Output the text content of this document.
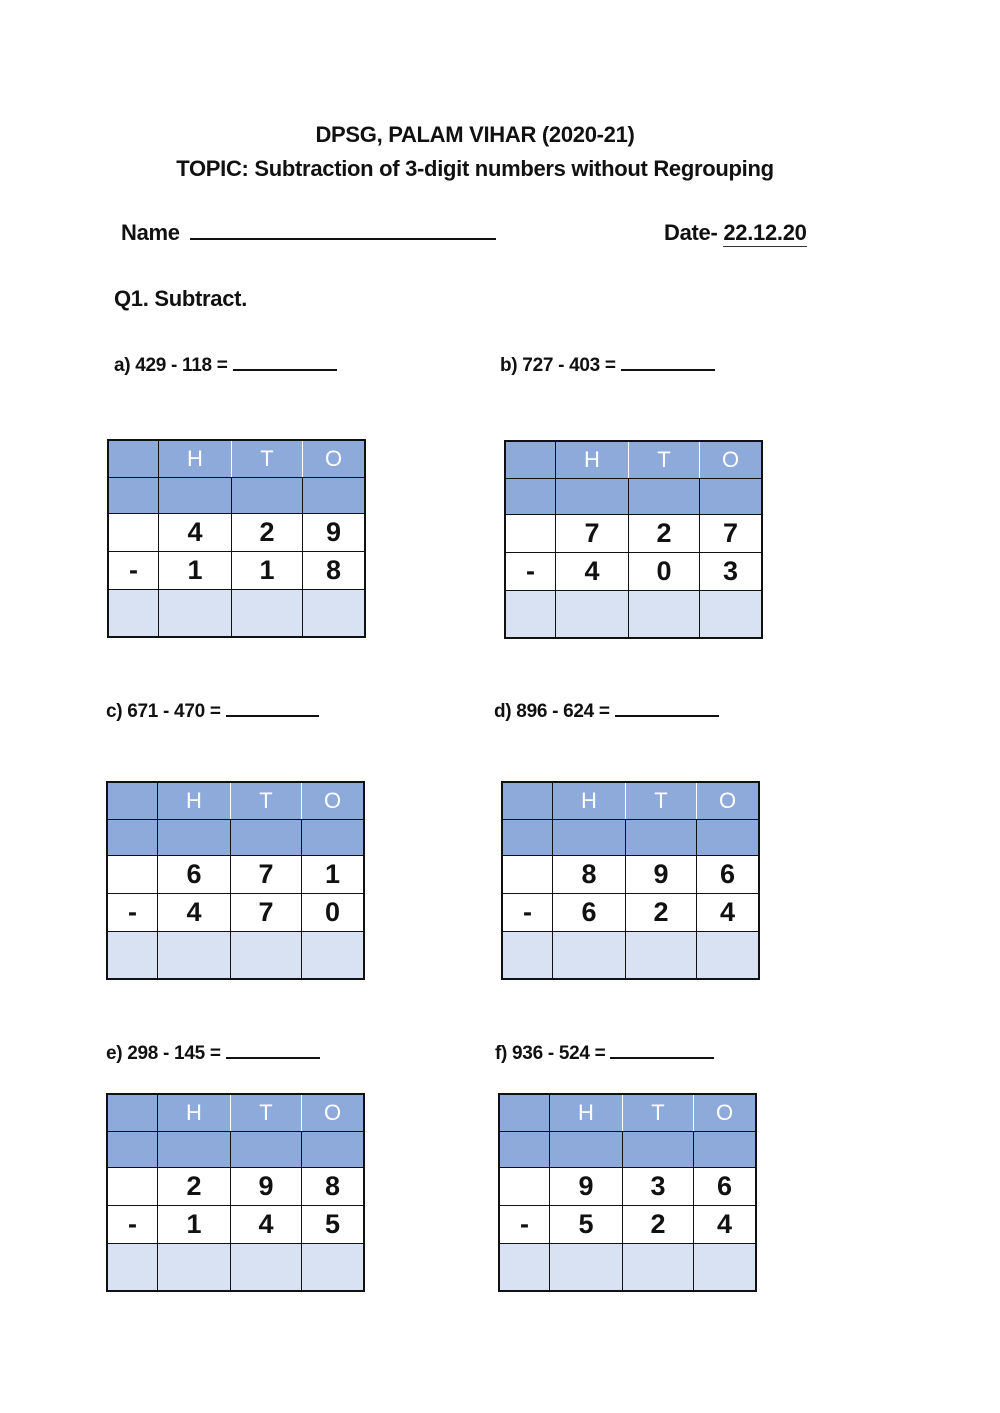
DPSG, PALAM VIHAR (2020-21)
TOPIC: Subtraction of 3-digit numbers without Regrouping
Name	Date- 22.12.20
Q1. Subtract.
a) 429 - 118 =	b) 727 - 403 =
c) 671 - 470 =	d) 896 - 624 =
e) 298 - 145 =	f) 936 - 524 =
	H	T	O

	4	2	9
-	1	1	8

	H	T	O

	7	2	7
-	4	0	3

	H	T	O

	6	7	1
-	4	7	0

	H	T	O

	8	9	6
-	6	2	4

	H	T	O

	2	9	8
-	1	4	5

	H	T	O

	9	3	6
-	5	2	4
